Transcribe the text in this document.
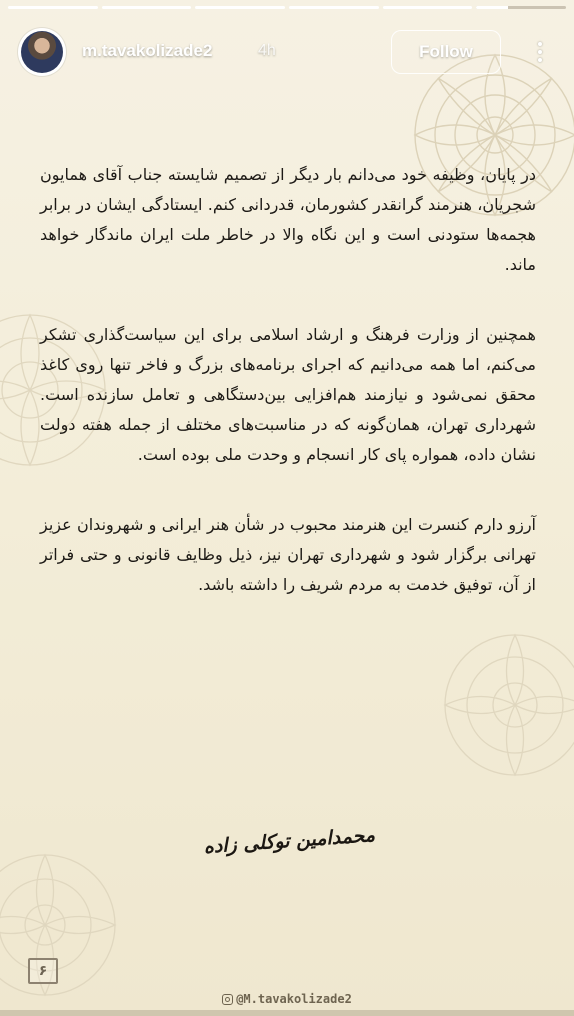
m.tavakolizade2	4h	Follow

در پایان، وظیفه خود می‌دانم بار دیگر از تصمیم شایسته جناب آقای همایون شجریان، هنرمند گرانقدر کشورمان، قدردانی کنم. ایستادگی ایشان در برابر هجمه‌ها ستودنی است و این نگاه والا در خاطر ملت ایران ماندگار خواهد ماند.

همچنین از وزارت فرهنگ و ارشاد اسلامی برای این سیاست‌گذاری تشکر می‌کنم، اما همه می‌دانیم که اجرای برنامه‌های بزرگ و فاخر تنها روی کاغذ محقق نمی‌شود و نیازمند هم‌افزایی بین‌دستگاهی و تعامل سازنده است. شهرداری تهران، همان‌گونه که در مناسبت‌های مختلف از جمله هفته دولت نشان داده، همواره پای کار انسجام و وحدت ملی بوده است.

آرزو دارم کنسرت این هنرمند محبوب در شأن هنر ایرانی و شهروندان عزیز تهرانی برگزار شود و شهرداری تهران نیز، ذیل وظایف قانونی و حتی فراتر از آن، توفیق خدمت به مردم شریف را داشته باشد.

محمدامین توکلی زاده
۶
@M.tavakolizade2
